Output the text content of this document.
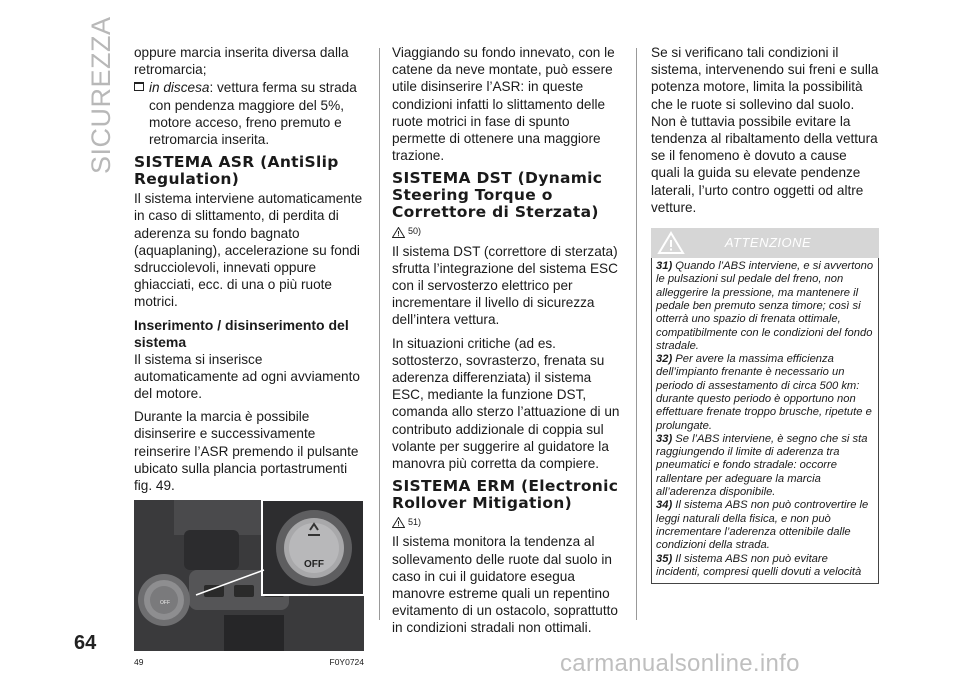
SICUREZZA oppure marcia inserita diversa dalla retromarcia;

in discesa: vettura ferma su strada con pendenza maggiore del 5%, motore acceso, freno premuto e retromarcia inserita.
SISTEMA ASR (AntiSlip Regulation)

Il sistema interviene automaticamente in caso di slittamento, di perdita di aderenza su fondo bagnato (aquaplaning), accelerazione su fondi sdrucciolevoli, innevati oppure ghiacciati, ecc. di una o più ruote motrici.

Inserimento / disinserimento del sistema

Il sistema si inserisce automaticamente ad ogni avviamento del motore.

Durante la marcia è possibile disinserire e successivamente reinserire l’ASR premendo il pulsante ubicato sulla plancia portastrumenti fig. 49.

OFF
OFF
49	F0Y0724

Viaggiando su fondo innevato, con le catene da neve montate, può essere utile disinserire l’ASR: in queste condizioni infatti lo slittamento delle ruote motrici in fase di spunto permette di ottenere una maggiore trazione.

SISTEMA DST (Dynamic Steering Torque o Correttore di Sterzata)
50)

Il sistema DST (correttore di sterzata) sfrutta l’integrazione del sistema ESC con il servosterzo elettrico per incrementare il livello di sicurezza dell’intera vettura.

In situazioni critiche (ad es. sottosterzo, sovrasterzo, frenata su aderenza differenziata) il sistema ESC, mediante la funzione DST, comanda allo sterzo l’attuazione di un contributo addizionale di coppia sul volante per suggerire al guidatore la manovra più corretta da compiere.

SISTEMA ERM (Electronic Rollover Mitigation)
51)

Il sistema monitora la tendenza al sollevamento delle ruote dal suolo in caso in cui il guidatore esegua manovre estreme quali un repentino evitamento di un ostacolo, soprattutto in condizioni stradali non ottimali.

Se si verificano tali condizioni il sistema, intervenendo sui freni e sulla potenza motore, limita la possibilità che le ruote si sollevino dal suolo. Non è tuttavia possibile evitare la tendenza al ribaltamento della vettura se il fenomeno è dovuto a cause quali la guida su elevate pendenze laterali, l’urto contro oggetti od altre vetture.

ATTENZIONE

31) Quando l’ABS interviene, e si avvertono le pulsazioni sul pedale del freno, non alleggerire la pressione, ma mantenere il pedale ben premuto senza timore; così si otterrà uno spazio di frenata ottimale, compatibilmente con le condizioni del fondo stradale.

32) Per avere la massima efficienza dell’impianto frenante è necessario un periodo di assestamento di circa 500 km: durante questo periodo è opportuno non effettuare frenate troppo brusche, ripetute e prolungate.

33) Se l’ABS interviene, è segno che si sta raggiungendo il limite di aderenza tra pneumatici e fondo stradale: occorre rallentare per adeguare la marcia all’aderenza disponibile.

34) Il sistema ABS non può controvertire le leggi naturali della fisica, e non può incrementare l’aderenza ottenibile dalle condizioni della strada.

35) Il sistema ABS non può evitare incidenti, compresi quelli dovuti a velocità

64
carmanualsonline.info
